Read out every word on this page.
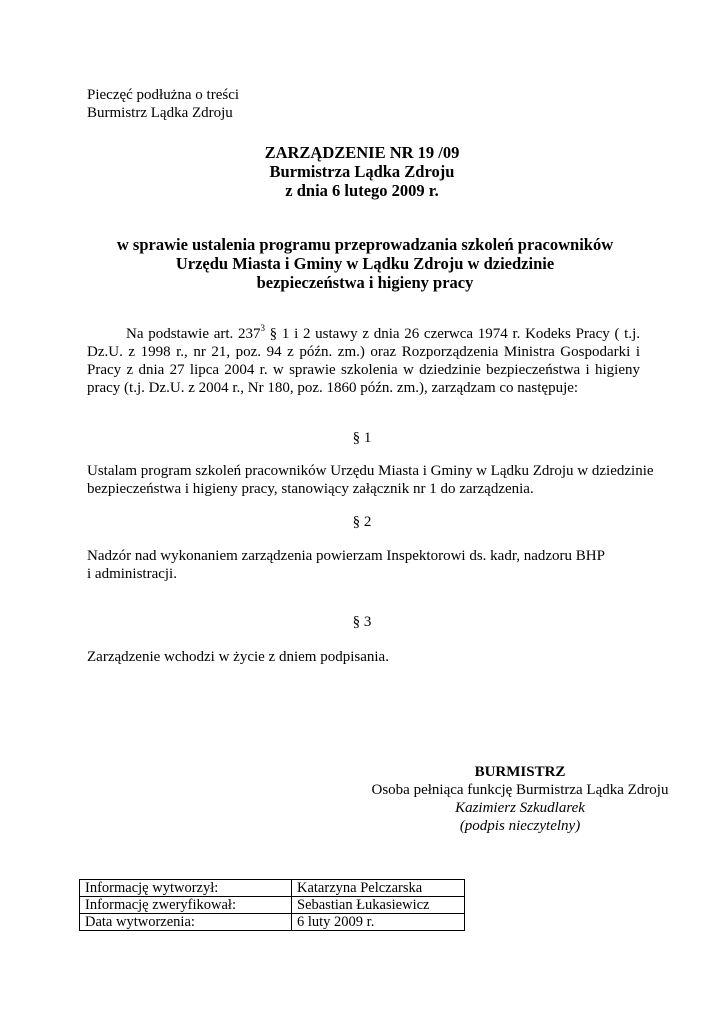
Pieczęć podłużna o treści
Burmistrz Lądka Zdroju
ZARZĄDZENIE NR 19 /09
Burmistrza Lądka Zdroju
z dnia 6 lutego 2009 r.
w sprawie ustalenia programu przeprowadzania szkoleń pracowników
Urzędu Miasta i Gminy w Lądku Zdroju w dziedzinie
bezpieczeństwa i higieny pracy
Na podstawie art. $237^3$ § 1 i 2 ustawy z dnia 26 czerwca 1974 r. Kodeks Pracy ( t.j. Dz.U. z 1998 r., nr 21, poz. 94 z późn. zm.) oraz Rozporządzenia Ministra Gospodarki i Pracy z dnia 27 lipca 2004 r. w sprawie szkolenia w dziedzinie bezpieczeństwa i higieny pracy (t.j. Dz.U. z 2004 r., Nr 180, poz. 1860 późn. zm.), zarządzam co następuje:
§ 1
Ustalam program szkoleń pracowników Urzędu Miasta i Gminy w Lądku Zdroju w dziedzinie
bezpieczeństwa i higieny pracy, stanowiący załącznik nr 1 do zarządzenia.
§ 2
Nadzór nad wykonaniem zarządzenia powierzam Inspektorowi ds. kadr, nadzoru BHP
i administracji.
§ 3
Zarządzenie wchodzi w życie z dniem podpisania.
BURMISTRZ
Osoba pełniąca funkcję Burmistrza Lądka Zdroju
Kazimierz Szkudlarek
(podpis nieczytelny)
Informację wytworzył:	Katarzyna Pelczarska
Informację zweryfikował:	Sebastian Łukasiewicz
Data wytworzenia:	6 luty 2009 r.
